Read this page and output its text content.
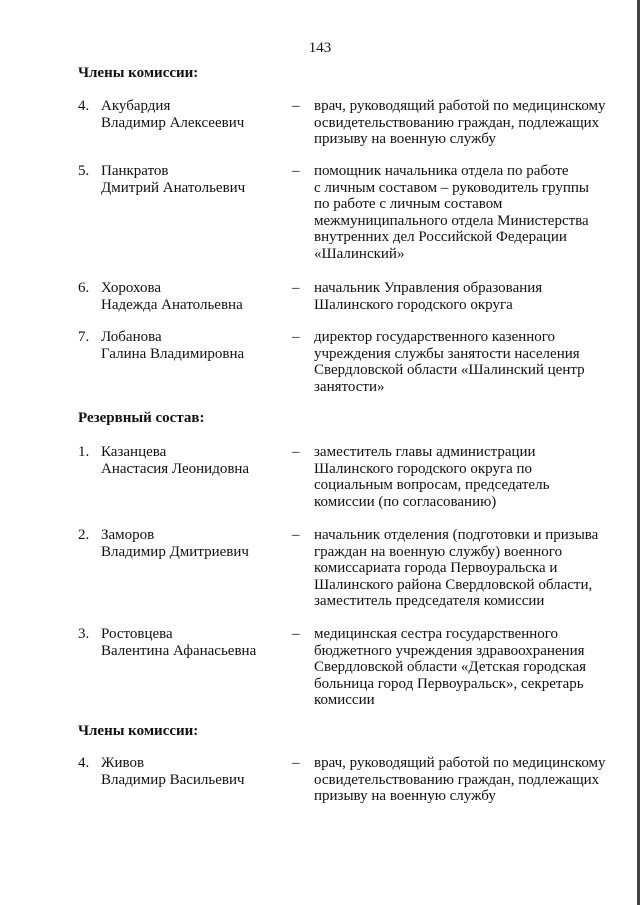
143
Члены комиссии:
4. Акубардия
Владимир Алексеевич
– врач, руководящий работой по медицинскому
освидетельствованию граждан, подлежащих
призыву на военную службу
5. Панкратов
Дмитрий Анатольевич
– помощник начальника отдела по работе
с личным составом – руководитель группы
по работе с личным составом
межмуниципального отдела Министерства
внутренних дел Российской Федерации
«Шалинский»
6. Хорохова
Надежда Анатольевна
– начальник Управления образования
Шалинского городского округа
7. Лобанова
Галина Владимировна
– директор государственного казенного
учреждения службы занятости населения
Свердловской области «Шалинский центр
занятости»
Резервный состав:
1. Казанцева
Анастасия Леонидовна
– заместитель главы администрации
Шалинского городского округа по
социальным вопросам, председатель
комиссии (по согласованию)
2. Заморов
Владимир Дмитриевич
– начальник отделения (подготовки и призыва
граждан на военную службу) военного
комиссариата города Первоуральска и
Шалинского района Свердловской области,
заместитель председателя комиссии
3. Ростовцева
Валентина Афанасьевна
– медицинская сестра государственного
бюджетного учреждения здравоохранения
Свердловской области «Детская городская
больница город Первоуральск», секретарь
комиссии
Члены комиссии:
4. Живов
Владимир Васильевич
– врач, руководящий работой по медицинскому
освидетельствованию граждан, подлежащих
призыву на военную службу
